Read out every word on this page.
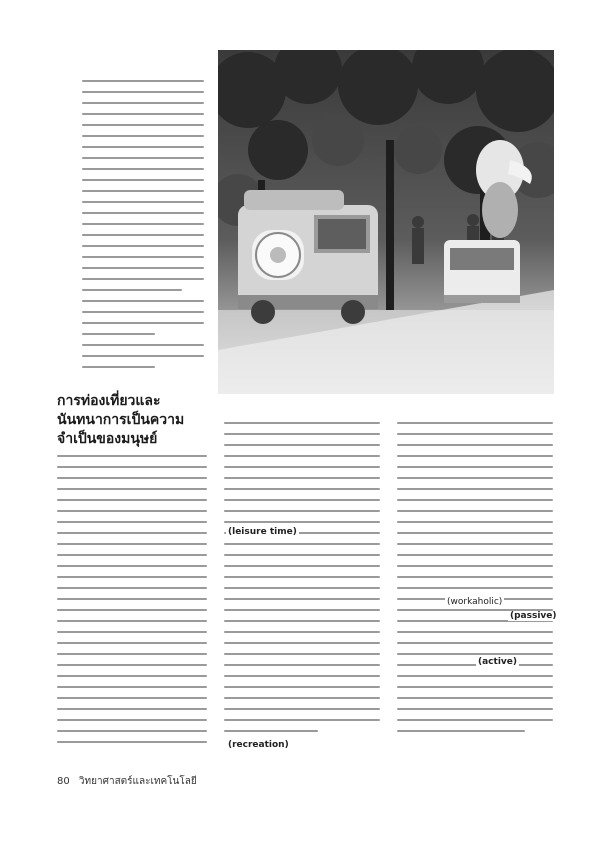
การท่องเที่ยวและนันทนาการเป็นความจำเป็นของมนุษย์
(leisure time)
(recreation)
(workaholic)
(passive)
(active)
80 วิทยาศาสตร์และเทคโนโลยี
